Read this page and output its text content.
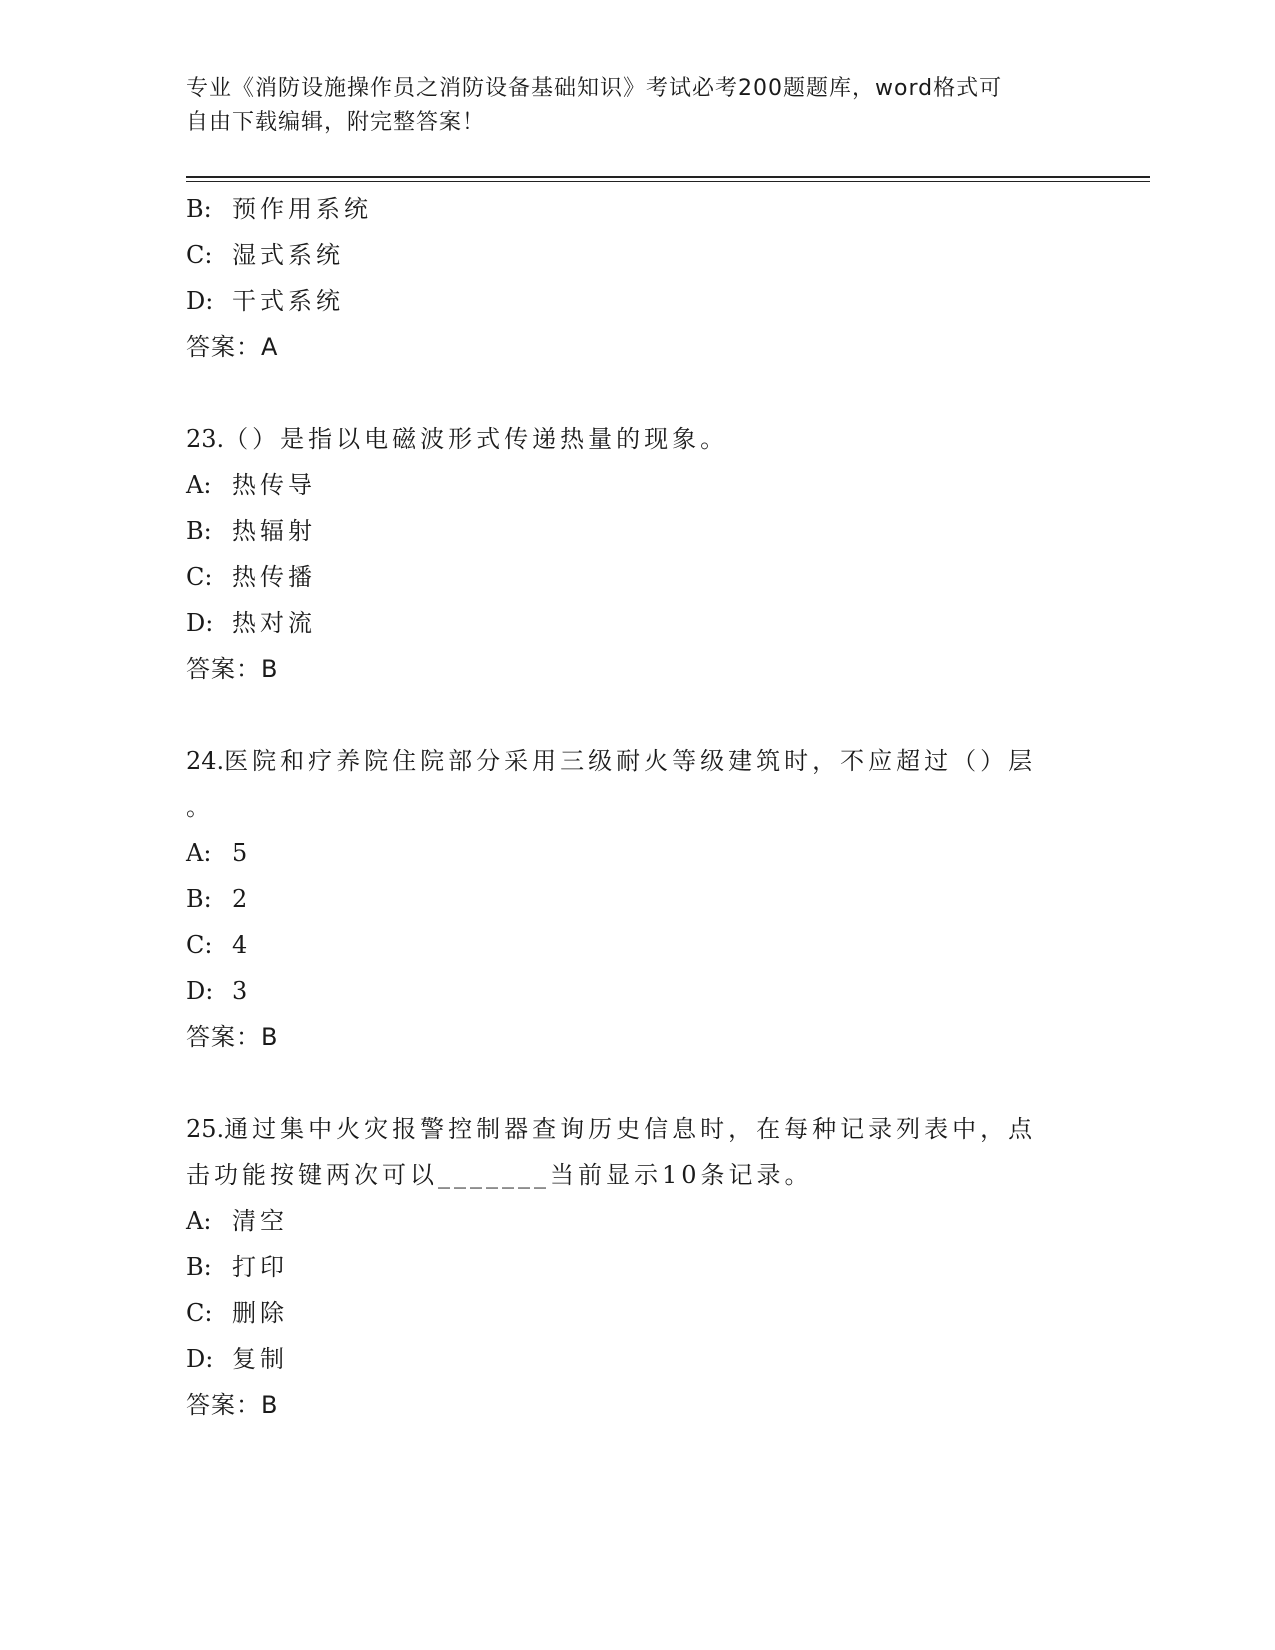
专业《消防设施操作员之消防设备基础知识》考试必考200题题库，word格式可
自由下载编辑，附完整答案！
B: 预作用系统
C: 湿式系统
D: 干式系统
答案：A
23.（）是指以电磁波形式传递热量的现象。
A: 热传导
B: 热辐射
C: 热传播
D: 热对流
答案：B
24.医院和疗养院住院部分采用三级耐火等级建筑时，不应超过（）层
。
A: 5
B: 2
C: 4
D: 3
答案：B
25.通过集中火灾报警控制器查询历史信息时，在每种记录列表中，点
击功能按键两次可以_______当前显示10条记录。
A: 清空
B: 打印
C: 删除
D: 复制
答案：B
